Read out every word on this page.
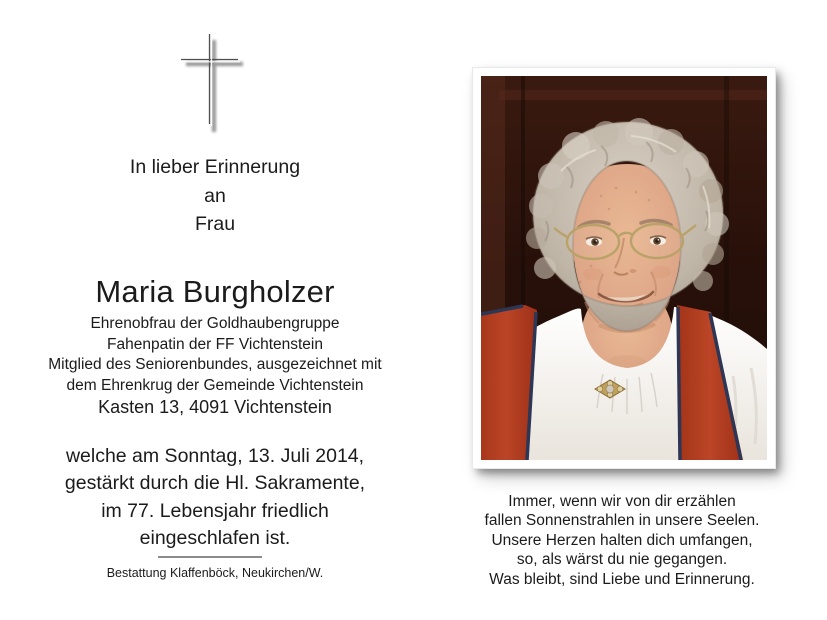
In lieber Erinnerung
an
Frau
Maria Burgholzer
Ehrenobfrau der Goldhaubengruppe
Fahenpatin der FF Vichtenstein
Mitglied des Seniorenbundes, ausgezeichnet mit
dem Ehrenkrug der Gemeinde Vichtenstein
Kasten 13, 4091 Vichtenstein
welche am Sonntag, 13. Juli 2014,
gestärkt durch die Hl. Sakramente,
im 77. Lebensjahr friedlich
eingeschlafen ist.
Bestattung Klaffenböck, Neukirchen/W.
Immer, wenn wir von dir erzählen
fallen Sonnenstrahlen in unsere Seelen.
Unsere Herzen halten dich umfangen,
so, als wärst du nie gegangen.
Was bleibt, sind Liebe und Erinnerung.
